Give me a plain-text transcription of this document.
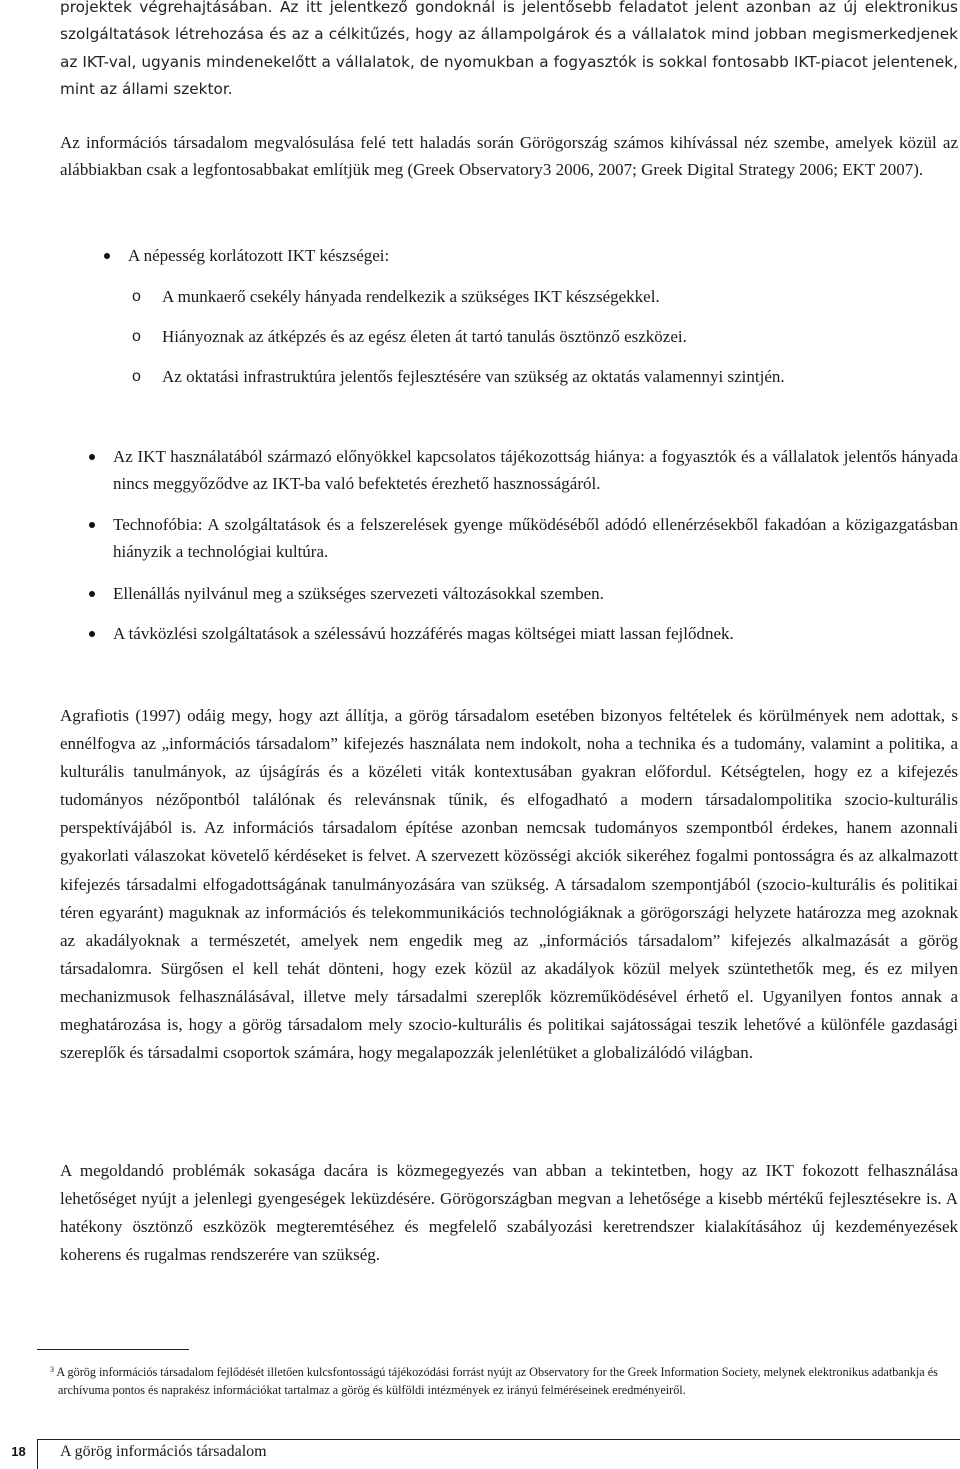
projektek végrehajtásában. Az itt jelentkező gondoknál is jelentősebb feladatot jelent azonban az új elektronikus szolgáltatások létrehozása és az a célkitűzés, hogy az állampolgárok és a vállalatok mind jobban megismerkedjenek az IKT-val, ugyanis mindenekelőtt a vállalatok, de nyomukban a fogyasztók is sokkal fontosabb IKT-piacot jelentenek, mint az állami szektor.

Az információs társadalom megvalósulása felé tett haladás során Görögország számos kihívással néz szembe, amelyek közül az alábbiakban csak a legfontosabbakat említjük meg (Greek Observatory3 2006, 2007; Greek Digital Strategy 2006; EKT 2007).

A népesség korlátozott IKT készségei:

o A munkaerő csekély hányada rendelkezik a szükséges IKT készségekkel.

o Hiányoznak az átképzés és az egész életen át tartó tanulás ösztönző eszközei.

o Az oktatási infrastruktúra jelentős fejlesztésére van szükség az oktatás valamennyi szintjén.

Az IKT használatából származó előnyökkel kapcsolatos tájékozottság hiánya: a fogyasztók és a vállalatok jelentős hányada nincs meggyőződve az IKT-ba való befektetés érezhető hasznosságáról.

Technofóbia: A szolgáltatások és a felszerelések gyenge működéséből adódó ellenérzésekből fakadóan a közigazgatásban hiányzik a technológiai kultúra.

Ellenállás nyilvánul meg a szükséges szervezeti változásokkal szemben.

A távközlési szolgáltatások a szélessávú hozzáférés magas költségei miatt lassan fejlődnek.

Agrafiotis (1997) odáig megy, hogy azt állítja, a görög társadalom esetében bizonyos feltételek és körülmények nem adottak, s ennélfogva az „információs társadalom” kifejezés használata nem indokolt, noha a technika és a tudomány, valamint a politika, a kulturális tanulmányok, az újságírás és a közéleti viták kontextusában gyakran előfordul. Kétségtelen, hogy ez a kifejezés tudományos nézőpontból találónak és relevánsnak tűnik, és elfogadható a modern társadalompolitika szocio-kulturális perspektívájából is. Az információs társadalom építése azonban nemcsak tudományos szempontból érdekes, hanem azonnali gyakorlati válaszokat követelő kérdéseket is felvet. A szervezett közösségi akciók sikeréhez fogalmi pontosságra és az alkalmazott kifejezés társadalmi elfogadottságának tanulmányozására van szükség. A társadalom szempontjából (szocio-kulturális és politikai téren egyaránt) maguknak az információs és telekommunikációs technológiáknak a görögországi helyzete határozza meg azoknak az akadályoknak a természetét, amelyek nem engedik meg az „információs társadalom” kifejezés alkalmazását a görög társadalomra. Sürgősen el kell tehát dönteni, hogy ezek közül az akadályok közül melyek szüntethetők meg, és ez milyen mechanizmusok felhasználásával, illetve mely társadalmi szereplők közreműködésével érhető el. Ugyanilyen fontos annak a meghatározása is, hogy a görög társadalom mely szocio-kulturális és politikai sajátosságai teszik lehetővé a különféle gazdasági szereplők és társadalmi csoportok számára, hogy megalapozzák jelenlétüket a globalizálódó világban.

A megoldandó problémák sokasága dacára is közmegegyezés van abban a tekintetben, hogy az IKT fokozott felhasználása lehetőséget nyújt a jelenlegi gyengeségek leküzdésére. Görögországban megvan a lehetősége a kisebb mértékű fejlesztésekre is. A hatékony ösztönző eszközök megteremtéséhez és megfelelő szabályozási keretrendszer kialakításához új kezdeményezések koherens és rugalmas rendszerére van szükség.

$^3$ A görög információs társadalom fejlődését illetően kulcsfontosságú tájékozódási forrást nyújt az Observatory for the Greek Information Society, melynek elektronikus adatbankja és archívuma pontos és naprakész információkat tartalmaz a görög és külföldi intézmények ez irányú felméréseinek eredményeiről.

18	A görög információs társadalom
